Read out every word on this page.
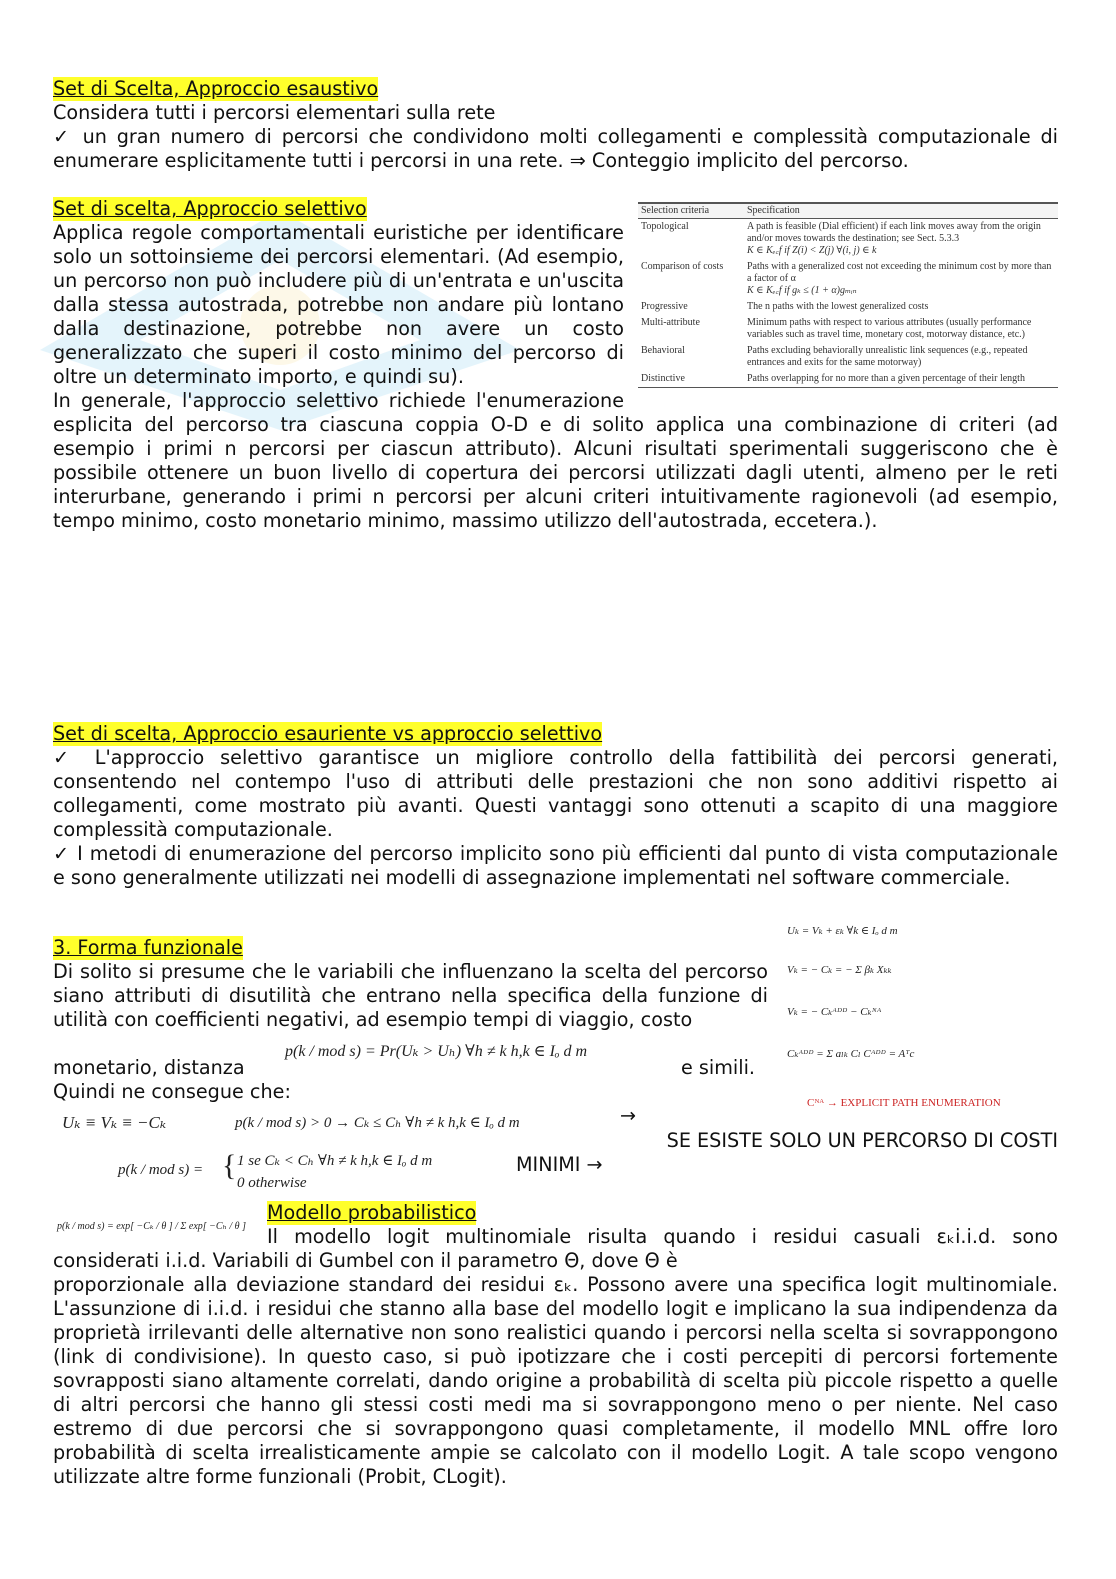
Set di Scelta, Approccio esaustivo

Considera tutti i percorsi elementari sulla rete

✓ un gran numero di percorsi che condividono molti collegamenti e complessità computazionale di enumerare esplicitamente tutti i percorsi in una rete. ⇒ Conteggio implicito del percorso.

Set di scelta, Approccio selettivo	Selection criteria	Specification
Topological	A path is feasible (Dial efficient) if each link moves away from the origin and/or moves towards the destination; see Sect. 5.3.3
K ∈ Kₑ꜀f if Z(i) < Z(j) ∀(i, j) ∈ k
Comparison of costs	Paths with a generalized cost not exceeding the minimum cost by more than a factor of α
K ∈ Kₑ꜀f if gₖ ≤ (1 + α)gₘᵢₙ
Progressive	The n paths with the lowest generalized costs
Multi-attribute	Minimum paths with respect to various attributes (usually performance variables such as travel time, monetary cost, motorway distance, etc.)
Behavioral	Paths excluding behaviorally unrealistic link sequences (e.g., repeated entrances and exits for the same motorway)
Distinctive	Paths overlapping for no more than a given percentage of their length

Applica regole comportamentali euristiche per identificare solo un sottoinsieme dei percorsi elementari. (Ad esempio, un percorso non può includere più di un'entrata e un'uscita dalla stessa autostrada, potrebbe non andare più lontano dalla destinazione, potrebbe non avere un costo generalizzato che superi il costo minimo del percorso di oltre un determinato importo, e quindi su).

In generale, l'approccio selettivo richiede l'enumerazione esplicita del percorso tra ciascuna coppia O-D e di solito applica una combinazione di criteri (ad esempio i primi n percorsi per ciascun attributo). Alcuni risultati sperimentali suggeriscono che è possibile ottenere un buon livello di copertura dei percorsi utilizzati dagli utenti, almeno per le reti interurbane, generando i primi n percorsi per alcuni criteri intuitivamente ragionevoli (ad esempio, tempo minimo, costo monetario minimo, massimo utilizzo dell'autostrada, eccetera.).

Set di scelta, Approccio esauriente vs approccio selettivo

✓ L'approccio selettivo garantisce un migliore controllo della fattibilità dei percorsi generati, consentendo nel contempo l'uso di attributi delle prestazioni che non sono additivi rispetto ai collegamenti, come mostrato più avanti. Questi vantaggi sono ottenuti a scapito di una maggiore complessità computazionale.

✓ I metodi di enumerazione del percorso implicito sono più efficienti dal punto di vista computazionale e sono generalmente utilizzati nei modelli di assegnazione implementati nel software commerciale.

3. Forma funzionale

Di solito si presume che le variabili che influenzano la scelta del percorso siano attributi di disutilità che entrano nella specifica della funzione di utilità con coefficienti negativi, ad esempio tempi di viaggio, costo

monetario, distanza	e simili.
Quindi ne consegue che:
Uₖ = Vₖ + εₖ ∀k ∈ Iₒ d m
Vₖ = − Cₖ = − Σ βₖ Xₖₖ
Vₖ = − Cₖᴬᴰᴰ − Cₖᴺᴬ
Cₖᴬᴰᴰ = Σ aₗₖ Cₗ Cᴬᴰᴰ = Aᵀc
Cᴺᴬ → EXPLICIT PATH ENUMERATION
p(k / mod s) = Pr(Uₖ > Uₕ) ∀h ≠ k h,k ∈ Iₒ d m
Uₖ ≡ Vₖ ≡ −Cₖ	p(k / mod s) > 0 → Cₖ ≤ Cₕ ∀h ≠ k h,k ∈ Iₒ d m	→
SE ESISTE SOLO UN PERCORSO DI COSTI
p(k / mod s) = { 1 se Cₖ < Cₕ ∀h ≠ k h,k ∈ Iₒ d m
0 otherwise
MINIMI →
Modello probabilistico
p(k / mod s) = exp[ −Cₖ / θ ] / Σ exp[ −Cₕ / θ ]	Il modello logit multinomiale risulta quando i residui casuali εₖi.i.d. sono considerati i.i.d. Variabili di Gumbel con il parametro Θ, dove Θ è

proporzionale alla deviazione standard dei residui εₖ. Possono avere una specifica logit multinomiale. L'assunzione di i.i.d. i residui che stanno alla base del modello logit e implicano la sua indipendenza da proprietà irrilevanti delle alternative non sono realistici quando i percorsi nella scelta si sovrappongono (link di condivisione). In questo caso, si può ipotizzare che i costi percepiti di percorsi fortemente sovrapposti siano altamente correlati, dando origine a probabilità di scelta più piccole rispetto a quelle di altri percorsi che hanno gli stessi costi medi ma si sovrappongono meno o per niente. Nel caso estremo di due percorsi che si sovrappongono quasi completamente, il modello MNL offre loro probabilità di scelta irrealisticamente ampie se calcolato con il modello Logit. A tale scopo vengono utilizzate altre forme funzionali (Probit, CLogit).
